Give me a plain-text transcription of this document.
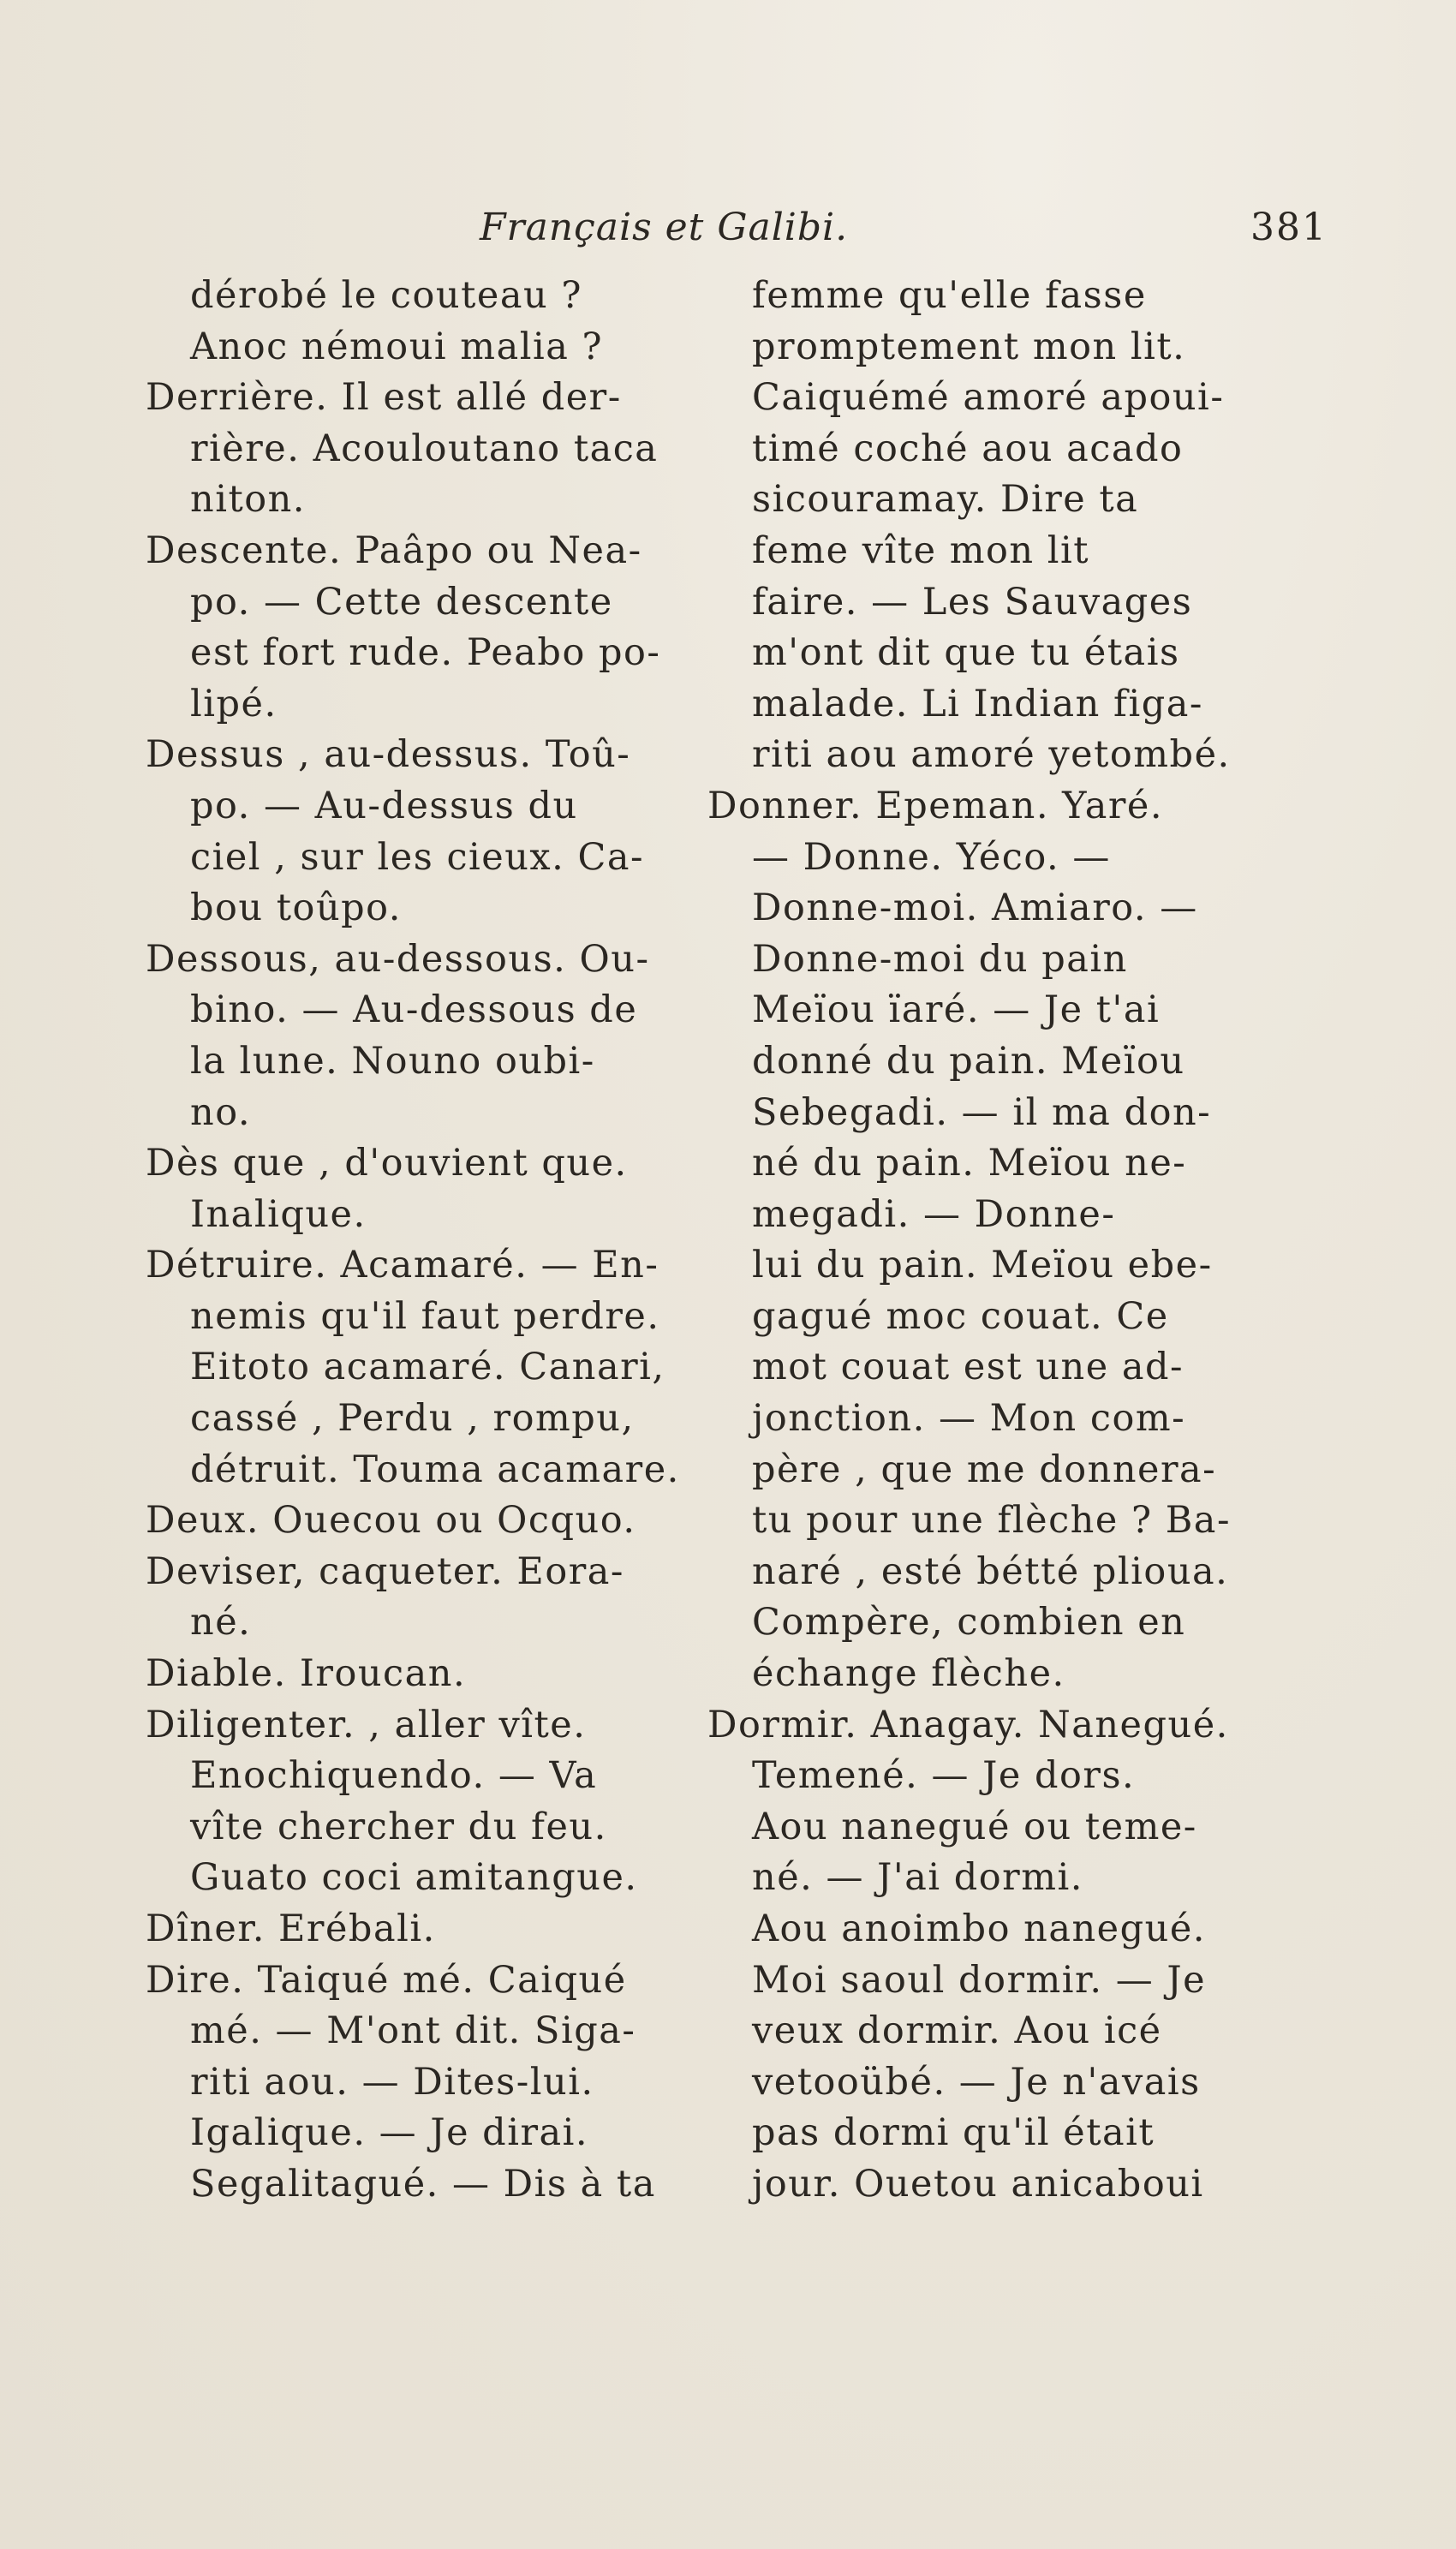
Français et Galibi.	381
dérobé le couteau ?
Anoc némoui malia ?
Derrière. Il est allé der-
rière. Acouloutano taca
niton.
Descente. Paâpo ou Nea-
po. — Cette descente
est fort rude. Peabo po-
lipé.
Dessus , au-dessus. Toû-
po. — Au-dessus du
ciel , sur les cieux. Ca-
bou toûpo.
Dessous, au-dessous. Ou-
bino. — Au-dessous de
la lune. Nouno oubi-
no.
Dès que , d'ouvient que.
Inalique.
Détruire. Acamaré. — En-
nemis qu'il faut perdre.
Eitoto acamaré. Canari,
cassé , Perdu , rompu,
détruit. Touma acamare.
Deux. Ouecou ou Ocquo.
Deviser, caqueter. Eora-
né.
Diable. Iroucan.
Diligenter. , aller vîte.
Enochiquendo. — Va
vîte chercher du feu.
Guato coci amitangue.
Dîner. Erébali.
Dire. Taiqué mé. Caiqué
mé. — M'ont dit. Siga-
riti aou. — Dites-lui.
Igalique. — Je dirai.
Segalitagué. — Dis à ta
femme qu'elle fasse
promptement mon lit.
Caiquémé amoré apoui-
timé coché aou acado
sicouramay. Dire ta
feme vîte mon lit
faire. — Les Sauvages
m'ont dit que tu étais
malade. Li Indian figa-
riti aou amoré yetombé.
Donner. Epeman. Yaré.
— Donne. Yéco. —
Donne-moi. Amiaro. —
Donne-moi du pain
Meïou ïaré. — Je t'ai
donné du pain. Meïou
Sebegadi. — il ma don-
né du pain. Meïou ne-
megadi. — Donne-
lui du pain. Meïou ebe-
gagué moc couat. Ce
mot couat est une ad-
jonction. — Mon com-
père , que me donnera-
tu pour une flèche ? Ba-
naré , esté bétté plioua.
Compère, combien en
échange flèche.
Dormir. Anagay. Nanegué.
Temené. — Je dors.
Aou nanegué ou teme-
né. — J'ai dormi.
Aou anoimbo nanegué.
Moi saoul dormir. — Je
veux dormir. Aou icé
vetooübé. — Je n'avais
pas dormi qu'il était
jour. Ouetou anicaboui
